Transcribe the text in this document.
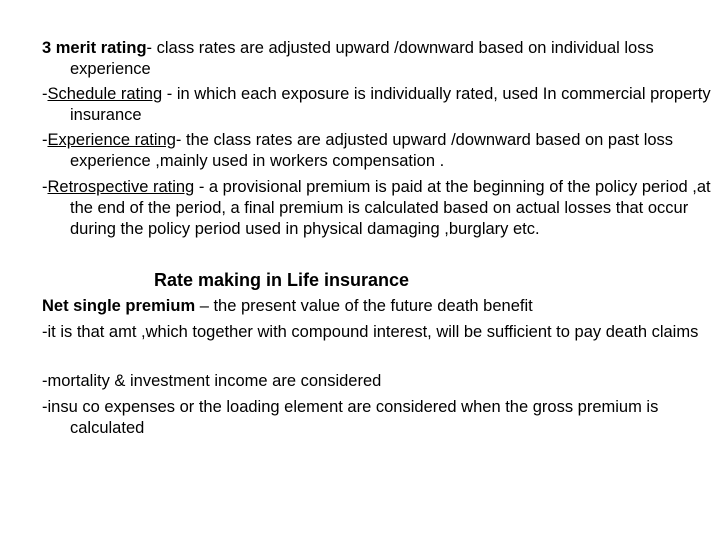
3 merit rating- class rates are adjusted upward /downward based on individual loss experience

-Schedule rating - in which each exposure is individually rated, used In commercial property insurance

-Experience rating- the class rates are adjusted upward /downward based on past loss experience ,mainly used in workers compensation .

-Retrospective rating - a provisional premium is paid at the beginning of the policy period ,at the end of the period, a final premium is calculated based on actual losses that occur during the policy period used in physical damaging ,burglary etc.

Rate making in Life insurance

Net single premium – the present value of the future death benefit

-it is that amt ,which together with compound interest, will be sufficient to pay death claims

-mortality & investment income are considered

-insu co expenses or the loading element are considered when the gross premium is calculated
